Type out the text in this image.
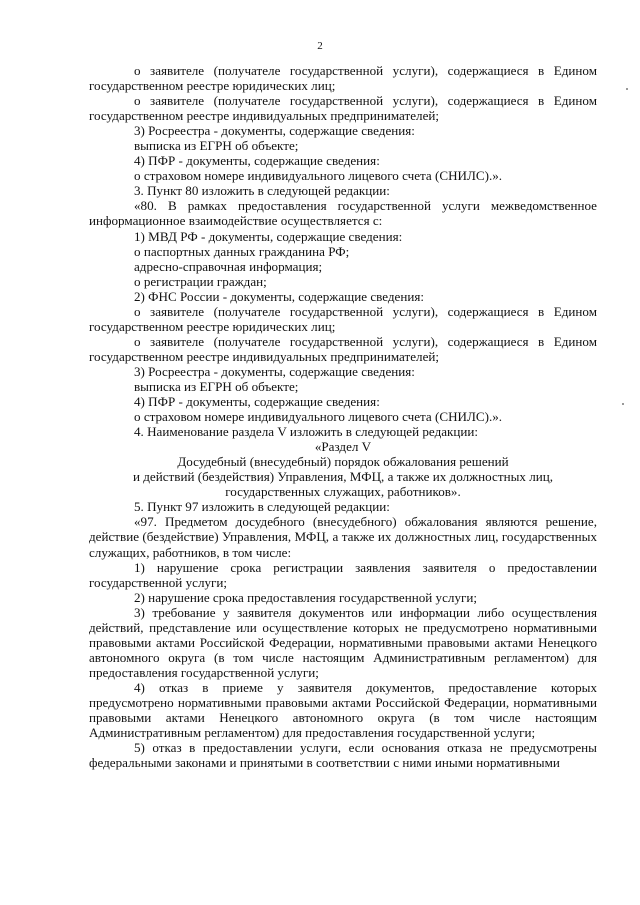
2

о заявителе (получателе государственной услуги), содержащиеся в Едином государственном реестре юридических лиц;

о заявителе (получателе государственной услуги), содержащиеся в Едином государственном реестре индивидуальных предпринимателей;

3) Росреестра - документы, содержащие сведения:

выписка из ЕГРН об объекте;

4) ПФР - документы, содержащие сведения:

о страховом номере индивидуального лицевого счета (СНИЛС).».

3. Пункт 80 изложить в следующей редакции:

«80. В рамках предоставления государственной услуги межведомственное информационное взаимодействие осуществляется с:

1) МВД РФ - документы, содержащие сведения:

о паспортных данных гражданина РФ;

адресно-справочная информация;

о регистрации граждан;

2) ФНС России - документы, содержащие сведения:

о заявителе (получателе государственной услуги), содержащиеся в Едином государственном реестре юридических лиц;

о заявителе (получателе государственной услуги), содержащиеся в Едином государственном реестре индивидуальных предпринимателей;

3) Росреестра - документы, содержащие сведения:

выписка из ЕГРН об объекте;

4) ПФР - документы, содержащие сведения:

о страховом номере индивидуального лицевого счета (СНИЛС).».

4. Наименование раздела V изложить в следующей редакции:

«Раздел V

Досудебный (внесудебный) порядок обжалования решений

и действий (бездействия) Управления, МФЦ, а также их должностных лиц,

государственных служащих, работников».

5. Пункт 97 изложить в следующей редакции:

«97. Предметом досудебного (внесудебного) обжалования являются решение, действие (бездействие) Управления, МФЦ, а также их должностных лиц, государственных служащих, работников, в том числе:

1) нарушение срока регистрации заявления заявителя о предоставлении государственной услуги;

2) нарушение срока предоставления государственной услуги;

3) требование у заявителя документов или информации либо осуществления действий, представление или осуществление которых не предусмотрено нормативными правовыми актами Российской Федерации, нормативными правовыми актами Ненецкого автономного округа (в том числе настоящим Административным регламентом) для предоставления государственной услуги;

4) отказ в приеме у заявителя документов, предоставление которых предусмотрено нормативными правовыми актами Российской Федерации, нормативными правовыми актами Ненецкого автономного округа (в том числе настоящим Административным регламентом) для предоставления государственной услуги;

5) отказ в предоставлении услуги, если основания отказа не предусмотрены федеральными законами и принятыми в соответствии с ними иными нормативными
